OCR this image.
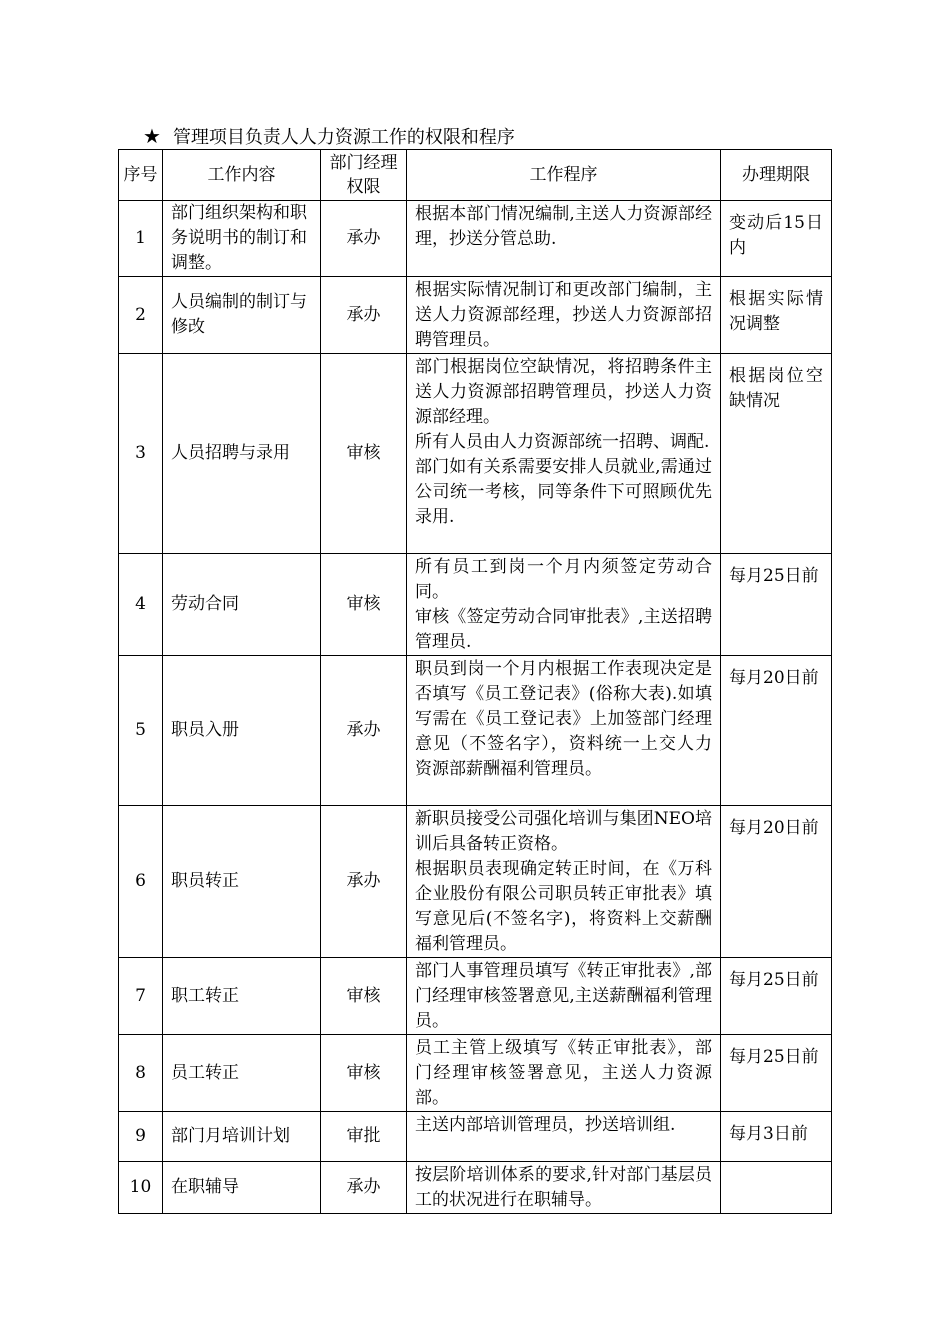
★ 管理项目负责人人力资源工作的权限和程序
序号	工作内容	部门经理权限	工作程序	办理期限
1	部门组织架构和职务说明书的制订和调整。	承办	根据本部门情况编制,主送人力资源部经理，抄送分管总助.	变动后15日内
2	人员编制的制订与修改	承办	根据实际情况制订和更改部门编制，主送人力资源部经理，抄送人力资源部招聘管理员。	根据实际情况调整
3	人员招聘与录用	审核	部门根据岗位空缺情况，将招聘条件主送人力资源部招聘管理员，抄送人力资源部经理。
所有人员由人力资源部统一招聘、调配.
部门如有关系需要安排人员就业,需通过公司统一考核，同等条件下可照顾优先录用.	根据岗位空缺情况
4	劳动合同	审核	所有员工到岗一个月内须签定劳动合同。
审核《签定劳动合同审批表》,主送招聘管理员.	每月25日前
5	职员入册	承办	职员到岗一个月内根据工作表现决定是否填写《员工登记表》(俗称大表).如填写需在《员工登记表》上加签部门经理意见（不签名字），资料统一上交人力资源部薪酬福利管理员。	每月20日前
6	职员转正	承办	新职员接受公司强化培训与集团NEO培训后具备转正资格。
根据职员表现确定转正时间，在《万科企业股份有限公司职员转正审批表》填写意见后(不签名字)，将资料上交薪酬福利管理员。	每月20日前
7	职工转正	审核	部门人事管理员填写《转正审批表》,部门经理审核签署意见,主送薪酬福利管理员。	每月25日前
8	员工转正	审核	员工主管上级填写《转正审批表》，部门经理审核签署意见，主送人力资源部。	每月25日前
9	部门月培训计划	审批	主送内部培训管理员，抄送培训组.	每月3日前
10	在职辅导	承办	按层阶培训体系的要求,针对部门基层员工的状况进行在职辅导。	
